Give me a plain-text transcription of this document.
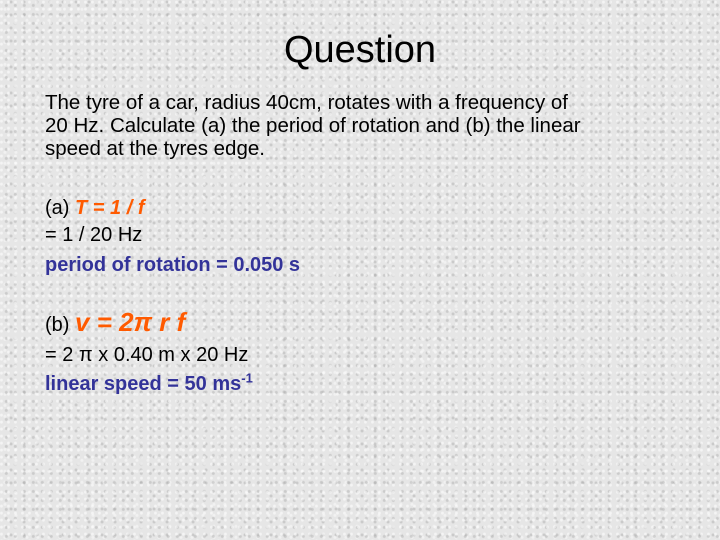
Question
The tyre of a car, radius 40cm, rotates with a frequency of
20 Hz. Calculate (a) the period of rotation and (b) the linear
speed at the tyres edge.
(a) T = 1 / f
= 1 / 20 Hz
period of rotation = 0.050 s
(b) v = 2π r f
= 2 π x 0.40 m x 20 Hz
linear speed = 50 $ms^{-1}$
